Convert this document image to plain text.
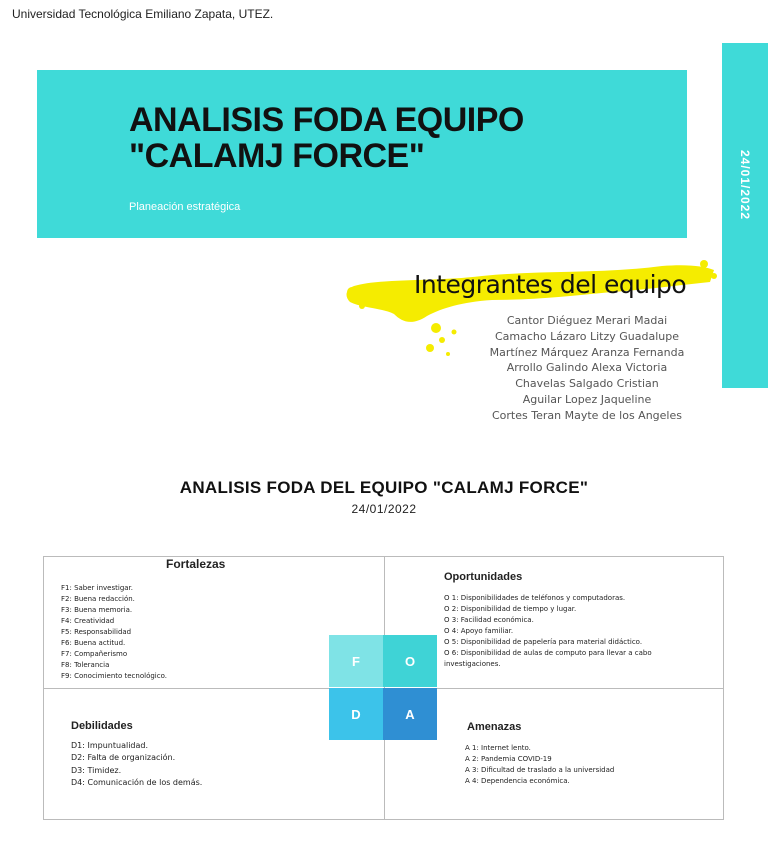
Universidad Tecnológica Emiliano Zapata, UTEZ.
ANALISIS FODA EQUIPO
"CALAMJ FORCE"
Planeación estratégica	24/01/2022
Integrantes del equipo
Cantor Diéguez Merari Madai
Camacho Lázaro Litzy Guadalupe
Martínez Márquez Aranza Fernanda
Arrollo Galindo Alexa Victoria
Chavelas Salgado Cristian
Aguilar Lopez Jaqueline
Cortes Teran Mayte de los Angeles
ANALISIS FODA DEL EQUIPO "CALAMJ FORCE"
24/01/2022
Fortalezas
F1: Saber investigar.
F2: Buena redacción.
F3: Buena memoria.
F4: Creatividad
F5: Responsabilidad
F6: Buena actitud.
F7: Compañerismo
F8: Tolerancia
F9: Conocimiento tecnológico.
Oportunidades
O 1: Disponibilidades de teléfonos y computadoras.
O 2: Disponibilidad de tiempo y lugar.
O 3: Facilidad económica.
O 4: Apoyo familiar.
O 5: Disponibilidad de papelería para material didáctico.
O 6: Disponibilidad de aulas de computo para llevar a cabo
investigaciones.
Debilidades
D1: Impuntualidad.
D2: Falta de organización.
D3: Timidez.
D4: Comunicación de los demás.
Amenazas
A 1: Internet lento.
A 2: Pandemia COVID-19
A 3: Dificultad de traslado a la universidad
A 4: Dependencia económica.
F	O
D	A
